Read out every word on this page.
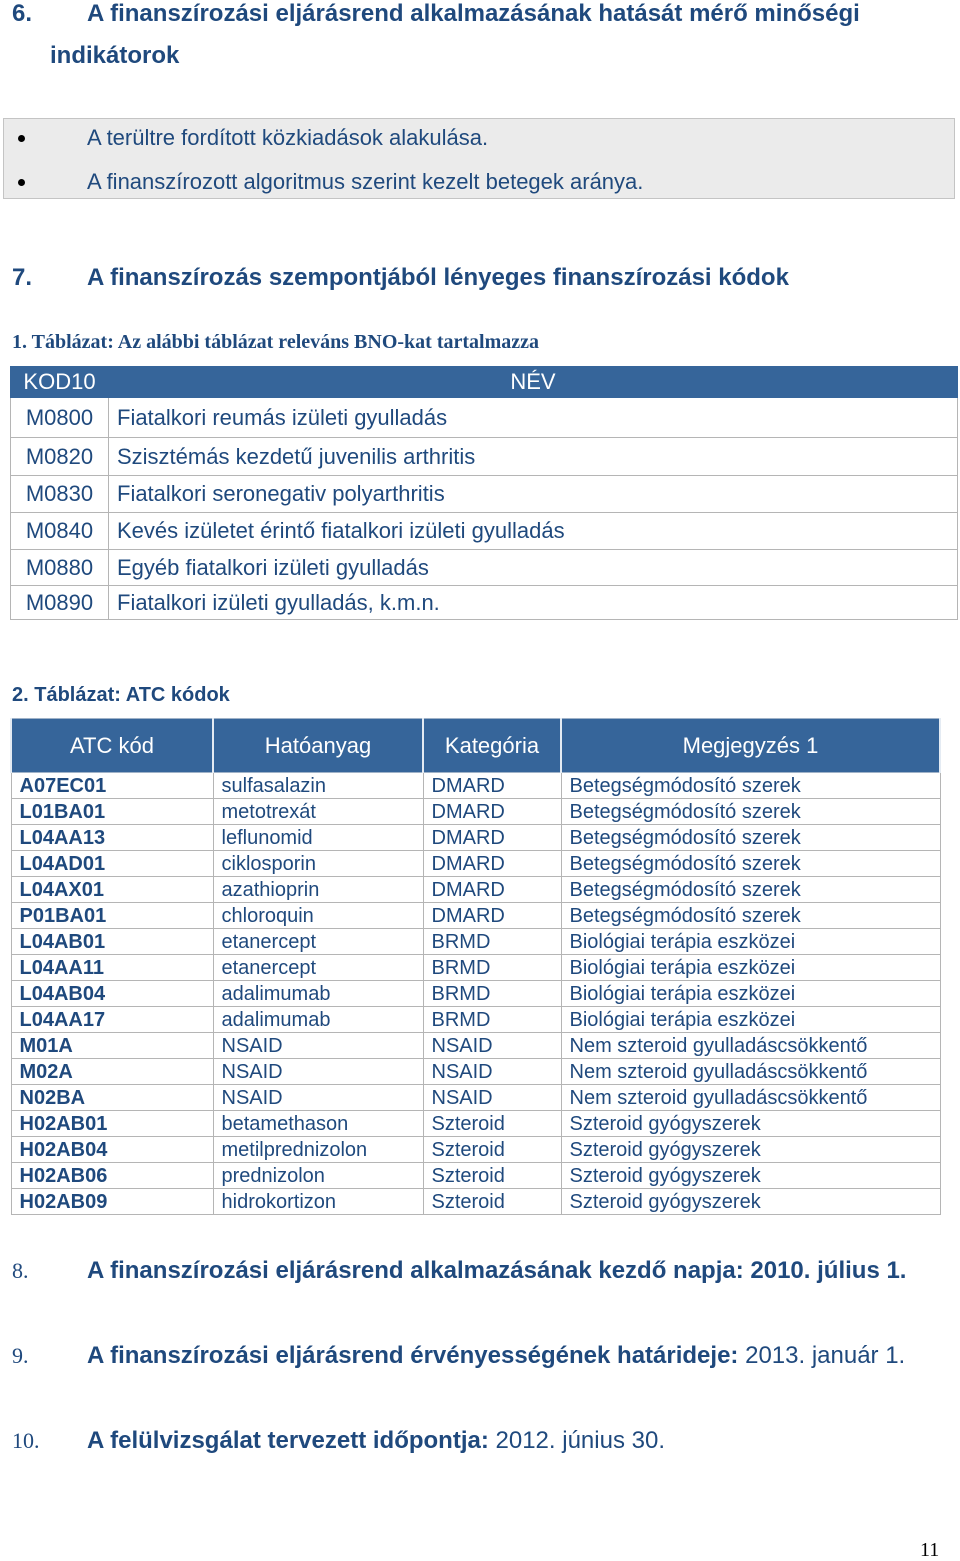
6. A finanszírozási eljárásrend alkalmazásának hatását mérő minőségi
indikátorok
A terültre fordított közkiadások alakulása.
A finanszírozott algoritmus szerint kezelt betegek aránya.
7. A finanszírozás szempontjából lényeges finanszírozási kódok
1. Táblázat: Az alábbi táblázat releváns BNO-kat tartalmazza
KOD10	NÉV
M0800	Fiatalkori reumás izületi gyulladás
M0820	Szisztémás kezdetű juvenilis arthritis
M0830	Fiatalkori seronegativ polyarthritis
M0840	Kevés izületet érintő fiatalkori izületi gyulladás
M0880	Egyéb fiatalkori izületi gyulladás
M0890	Fiatalkori izületi gyulladás, k.m.n.
2. Táblázat: ATC kódok
ATC kód	Hatóanyag	Kategória	Megjegyzés 1
A07EC01	sulfasalazin	DMARD	Betegségmódosító szerek
L01BA01	metotrexát	DMARD	Betegségmódosító szerek
L04AA13	leflunomid	DMARD	Betegségmódosító szerek
L04AD01	ciklosporin	DMARD	Betegségmódosító szerek
L04AX01	azathioprin	DMARD	Betegségmódosító szerek
P01BA01	chloroquin	DMARD	Betegségmódosító szerek
L04AB01	etanercept	BRMD	Biológiai terápia eszközei
L04AA11	etanercept	BRMD	Biológiai terápia eszközei
L04AB04	adalimumab	BRMD	Biológiai terápia eszközei
L04AA17	adalimumab	BRMD	Biológiai terápia eszközei
M01A	NSAID	NSAID	Nem szteroid gyulladáscsökkentő
M02A	NSAID	NSAID	Nem szteroid gyulladáscsökkentő
N02BA	NSAID	NSAID	Nem szteroid gyulladáscsökkentő
H02AB01	betamethason	Szteroid	Szteroid gyógyszerek
H02AB04	metilprednizolon	Szteroid	Szteroid gyógyszerek
H02AB06	prednizolon	Szteroid	Szteroid gyógyszerek
H02AB09	hidrokortizon	Szteroid	Szteroid gyógyszerek
8. A finanszírozási eljárásrend alkalmazásának kezdő napja: 2010. július 1.
9. A finanszírozási eljárásrend érvényességének határideje: 2013. január 1.
10. A felülvizsgálat tervezett időpontja: 2012. június 30.
11
